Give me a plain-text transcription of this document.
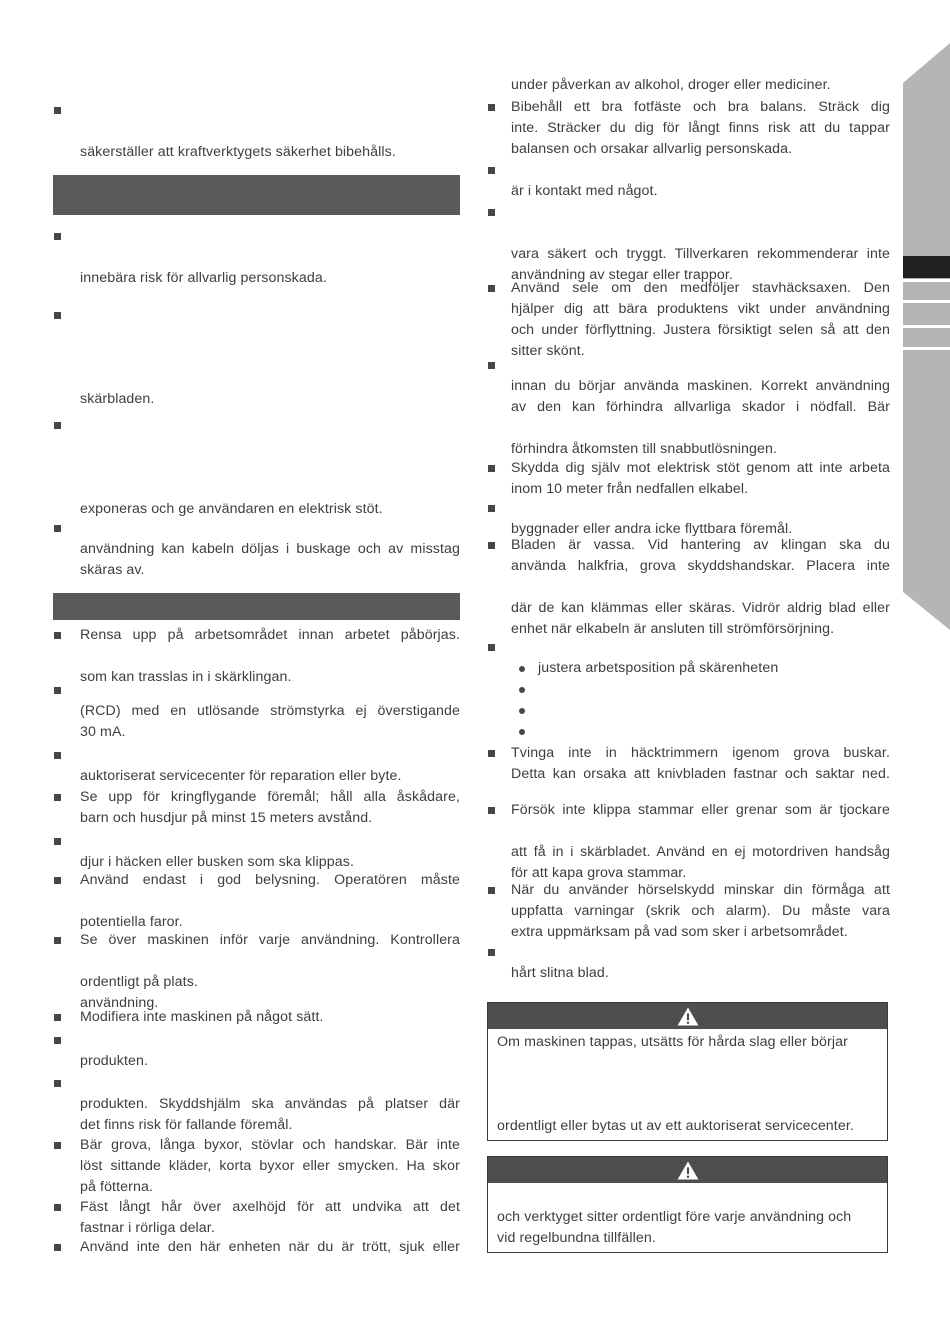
säkerställer att kraftverktygets säkerhet bibehålls.
innebära risk för allvarlig personskada.
skärbladen.
exponeras och ge användaren en elektrisk stöt.
användning kan kabeln döljas i buskage och av misstag
skäras av.
Rensa upp på arbetsområdet innan arbetet påbörjas.
som kan trasslas in i skärklingan.
(RCD) med en utlösande strömstyrka ej överstigande
30 mA.
auktoriserat servicecenter för reparation eller byte.
Se upp för kringflygande föremål; håll alla åskådare,
barn och husdjur på minst 15 meters avstånd.
djur i häcken eller busken som ska klippas.
Använd endast i god belysning. Operatören måste
potentiella faror.
Se över maskinen inför varje användning. Kontrollera
ordentligt på plats.
användning.
Modifiera inte maskinen på något sätt.
produkten.
produkten. Skyddshjälm ska användas på platser där
det finns risk för fallande föremål.
Bär grova, långa byxor, stövlar och handskar. Bär inte
löst sittande kläder, korta byxor eller smycken. Ha skor
på fötterna.
Fäst långt hår över axelhöjd för att undvika att det
fastnar i rörliga delar.
Använd inte den här enheten när du är trött, sjuk eller
under påverkan av alkohol, droger eller mediciner.
Bibehåll ett bra fotfäste och bra balans. Sträck dig
inte. Sträcker du dig för långt finns risk att du tappar
balansen och orsakar allvarlig personskada.
är i kontakt med något.
vara säkert och tryggt. Tillverkaren rekommenderar inte
användning av stegar eller trappor.
Använd sele om den medföljer stavhäcksaxen. Den
hjälper dig att bära produktens vikt under användning
och under förflyttning. Justera försiktigt selen så att den
sitter skönt.
innan du börjar använda maskinen. Korrekt användning
av den kan förhindra allvarliga skador i nödfall. Bär
förhindra åtkomsten till snabbutlösningen.
Skydda dig själv mot elektrisk stöt genom att inte arbeta
inom 10 meter från nedfallen elkabel.
byggnader eller andra icke flyttbara föremål.
Bladen är vassa. Vid hantering av klingan ska du
använda halkfria, grova skyddshandskar. Placera inte
där de kan klämmas eller skäras. Vidrör aldrig blad eller
enhet när elkabeln är ansluten till strömförsörjning.
justera arbetsposition på skärenheten
Tvinga inte in häcktrimmern igenom grova buskar.
Detta kan orsaka att knivbladen fastnar och saktar ned.
Försök inte klippa stammar eller grenar som är tjockare
att få in i skärbladet. Använd en ej motordriven handsåg
för att kapa grova stammar.
När du använder hörselskydd minskar din förmåga att
uppfatta varningar (skrik och alarm). Du måste vara
extra uppmärksam på vad som sker i arbetsområdet.
hårt slitna blad.
Om maskinen tappas, utsätts för hårda slag eller börjar
ordentligt eller bytas ut av ett auktoriserat servicecenter.
och verktyget sitter ordentligt före varje användning och
vid regelbundna tillfällen.
